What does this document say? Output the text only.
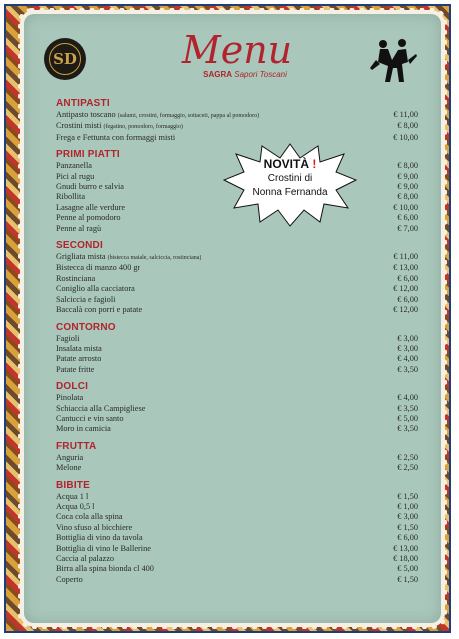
SD	Menu
SAGRA Sapori Toscani
ANTIPASTI
Antipasto toscano (salumi, crostini, formaggio, sottaceti, pappa al pomodoro)	€ 11,00
Crostini misti (fegatino, pomodoro, formaggio)	€ 8,00
Frega e Fettunta con formaggi misti	€ 10,00
PRIMI PIATTI
Panzanella	€ 8,00
Pici al rugu	€ 9,00
Gnudi burro e salvia	€ 9,00
Ribollita	€ 8,00
Lasagne alle verdure	€ 10,00
Penne al pomodoro	€ 6,00
Penne al ragù	€ 7,00
SECONDI
Grigliata mista (bistecca maiale, salciccia, rostinciana)	€ 11,00
Bistecca di manzo 400 gr	€ 13,00
Rostinciana	€ 6,00
Coniglio alla cacciatora	€ 12,00
Salciccia e fagioli	€ 6,00
Baccalà con porri e patate	€ 12,00
CONTORNO
Fagioli	€ 3,00
Insalata mista	€ 3,00
Patate arrosto	€ 4,00
Patate fritte	€ 3,50
DOLCI
Pinolata	€ 4,00
Schiaccia alla Campigliese	€ 3,50
Cantucci e vin santo	€ 5,00
Moro in camicia	€ 3,50
FRUTTA
Anguria	€ 2,50
Melone	€ 2,50
BIBITE
Acqua 1 l	€ 1,50
Acqua 0,5 l	€ 1,00
Coca cola alla spina	€ 3,00
Vino sfuso al bicchiere	€ 1,50
Bottiglia di vino da tavola	€ 6,00
Bottiglia di vino le Ballerine	€ 13,00
Caccia al palazzo	€ 18,00
Birra alla spina bionda cl 400	€ 5,00
Coperto	€ 1,50
NOVITÀ !
Crostini di
Nonna Fernanda
